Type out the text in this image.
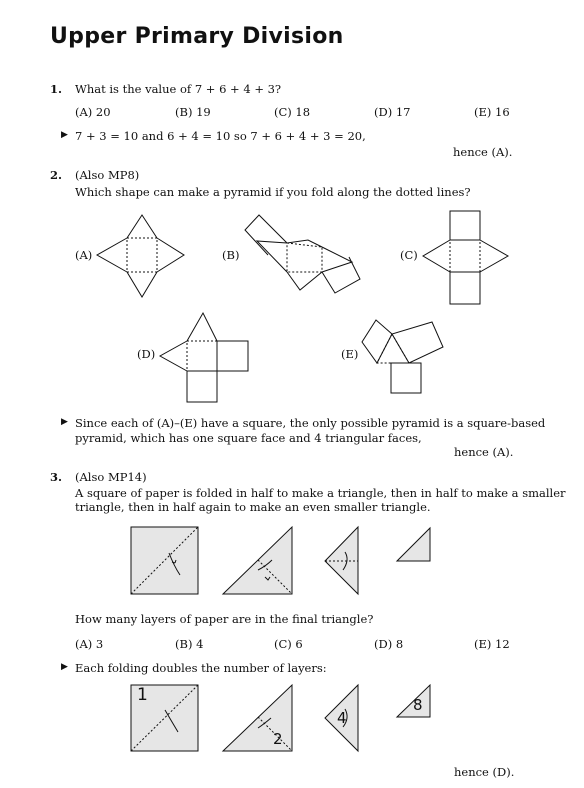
Upper Primary Division
1. What is the value of 7 + 6 + 4 + 3?
(A) 20	(B) 19	(C) 18	(D) 17	(E) 16
▶ 7 + 3 = 10 and 6 + 4 = 10 so 7 + 6 + 4 + 3 = 20,
hence (A).
2. (Also MP8)
Which shape can make a pyramid if you fold along the dotted lines?
(A)	(B)	(C)
(D)	(E)
▶ Since each of (A)–(E) have a square, the only possible pyramid is a square-based
pyramid, which has one square face and 4 triangular faces,
hence (A).
3. (Also MP14)
A square of paper is folded in half to make a triangle, then in half to make a smaller
triangle, then in half again to make an even smaller triangle.
How many layers of paper are in the final triangle?
(A) 3	(B) 4	(C) 6	(D) 8	(E) 12
▶ Each folding doubles the number of layers:
1
2
4
8
hence (D).
